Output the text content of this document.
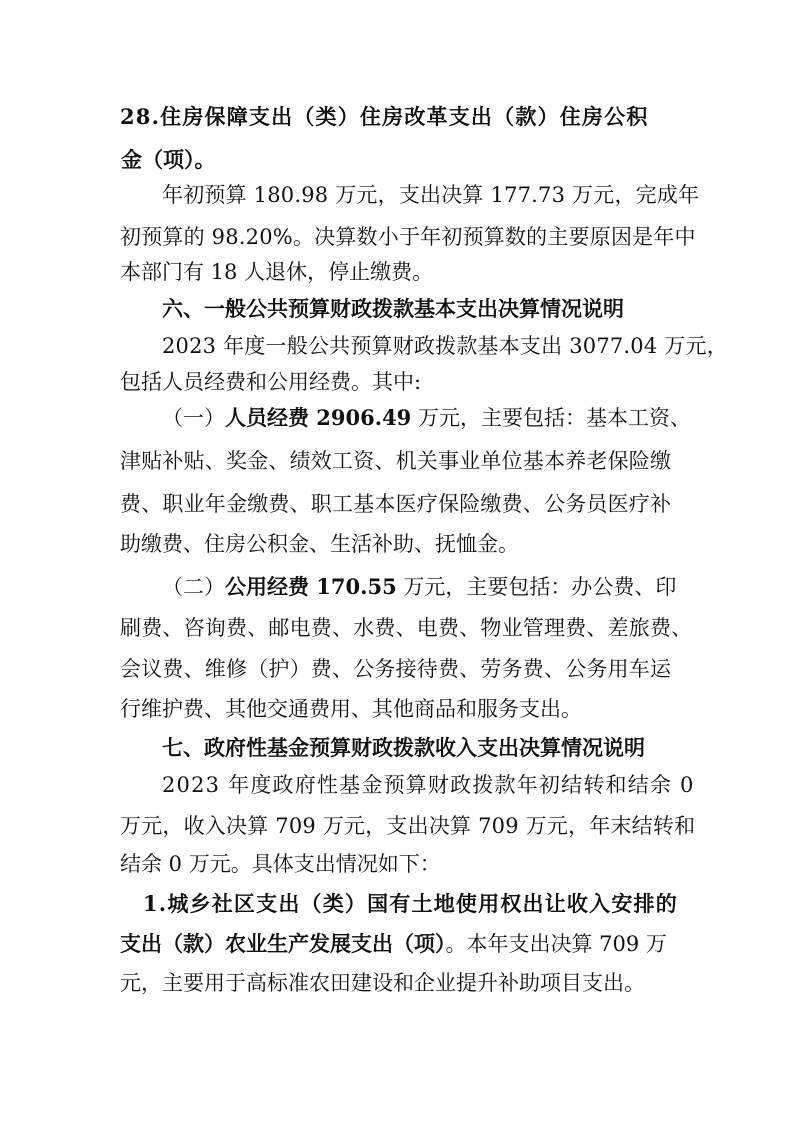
28.住房保障支出（类）住房改革支出（款）住房公积
金（项）。
年初预算 180.98 万元，支出决算 177.73 万元，完成年
初预算的 98.20%。决算数小于年初预算数的主要原因是年中
本部门有 18 人退休，停止缴费。
六、一般公共预算财政拨款基本支出决算情况说明
2023 年度一般公共预算财政拨款基本支出 3077.04 万元，
包括人员经费和公用经费。其中:
（一）人员经费 2906.49 万元，主要包括：基本工资、
津贴补贴、奖金、绩效工资、机关事业单位基本养老保险缴
费、职业年金缴费、职工基本医疗保险缴费、公务员医疗补
助缴费、住房公积金、生活补助、抚恤金。
（二）公用经费 170.55 万元，主要包括：办公费、印
刷费、咨询费、邮电费、水费、电费、物业管理费、差旅费、
会议费、维修（护）费、公务接待费、劳务费、公务用车运
行维护费、其他交通费用、其他商品和服务支出。
七、政府性基金预算财政拨款收入支出决算情况说明
2023 年度政府性基金预算财政拨款年初结转和结余 0
万元，收入决算 709 万元，支出决算 709 万元，年末结转和
结余 0 万元。具体支出情况如下：
1.城乡社区支出（类）国有土地使用权出让收入安排的
支出（款）农业生产发展支出（项）。本年支出决算 709 万
元，主要用于高标准农田建设和企业提升补助项目支出。
